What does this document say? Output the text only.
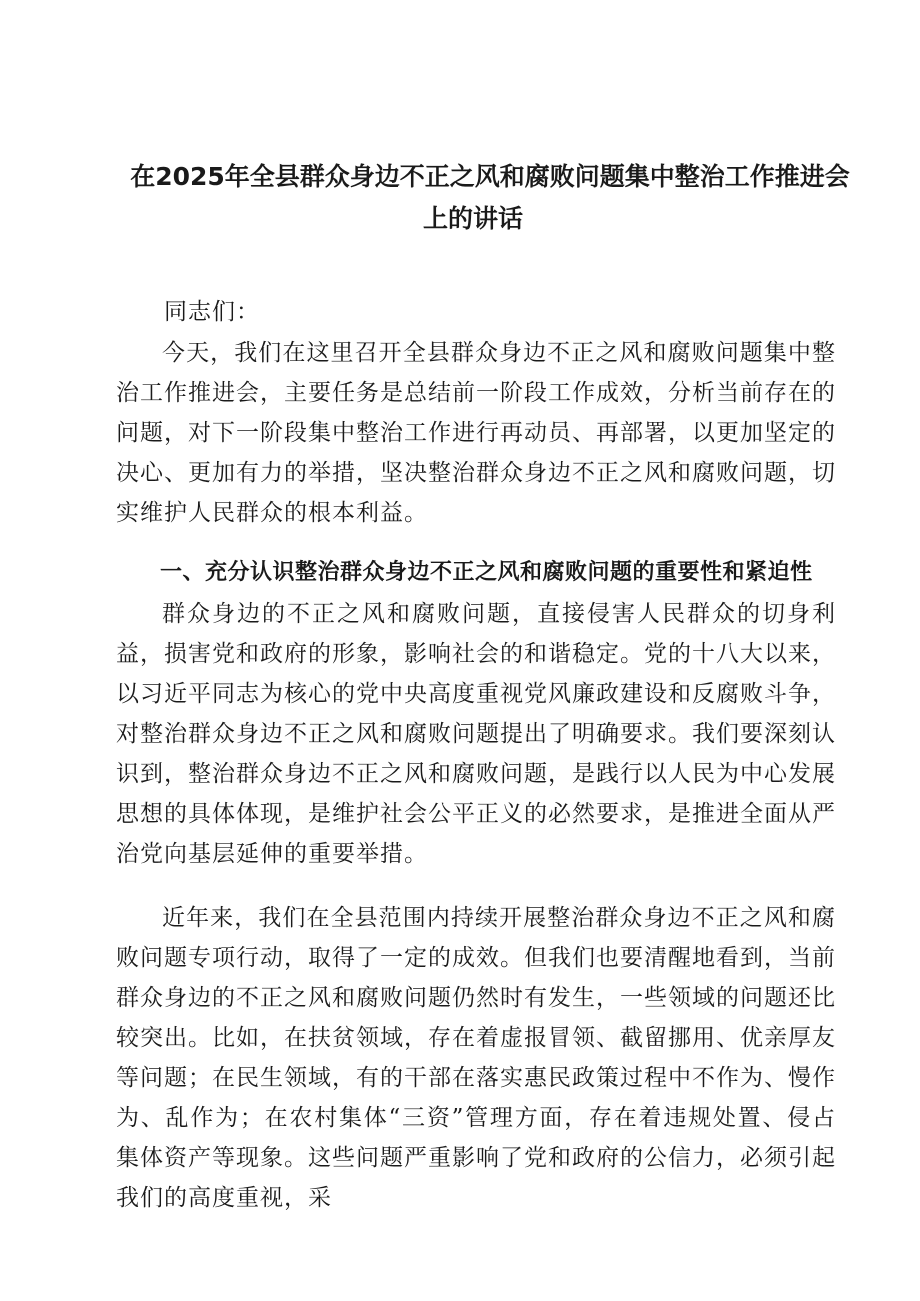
在2025年全县群众身边不正之风和腐败问题集中整治工作推进会
上的讲话
同志们：

今天，我们在这里召开全县群众身边不正之风和腐败问题集中整治工作推进会，主要任务是总结前一阶段工作成效，分析当前存在的问题，对下一阶段集中整治工作进行再动员、再部署，以更加坚定的决心、更加有力的举措，坚决整治群众身边不正之风和腐败问题，切实维护人民群众的根本利益。

一、充分认识整治群众身边不正之风和腐败问题的重要性和紧迫性

群众身边的不正之风和腐败问题，直接侵害人民群众的切身利益，损害党和政府的形象，影响社会的和谐稳定。党的十八大以来，以习近平同志为核心的党中央高度重视党风廉政建设和反腐败斗争，对整治群众身边不正之风和腐败问题提出了明确要求。我们要深刻认识到，整治群众身边不正之风和腐败问题，是践行以人民为中心发展思想的具体体现，是维护社会公平正义的必然要求，是推进全面从严治党向基层延伸的重要举措。

近年来，我们在全县范围内持续开展整治群众身边不正之风和腐败问题专项行动，取得了一定的成效。但我们也要清醒地看到，当前群众身边的不正之风和腐败问题仍然时有发生，一些领域的问题还比较突出。比如，在扶贫领域，存在着虚报冒领、截留挪用、优亲厚友等问题；在民生领域，有的干部在落实惠民政策过程中不作为、慢作为、乱作为；在农村集体“三资”管理方面，存在着违规处置、侵占集体资产等现象。这些问题严重影响了党和政府的公信力，必须引起我们的高度重视，采
